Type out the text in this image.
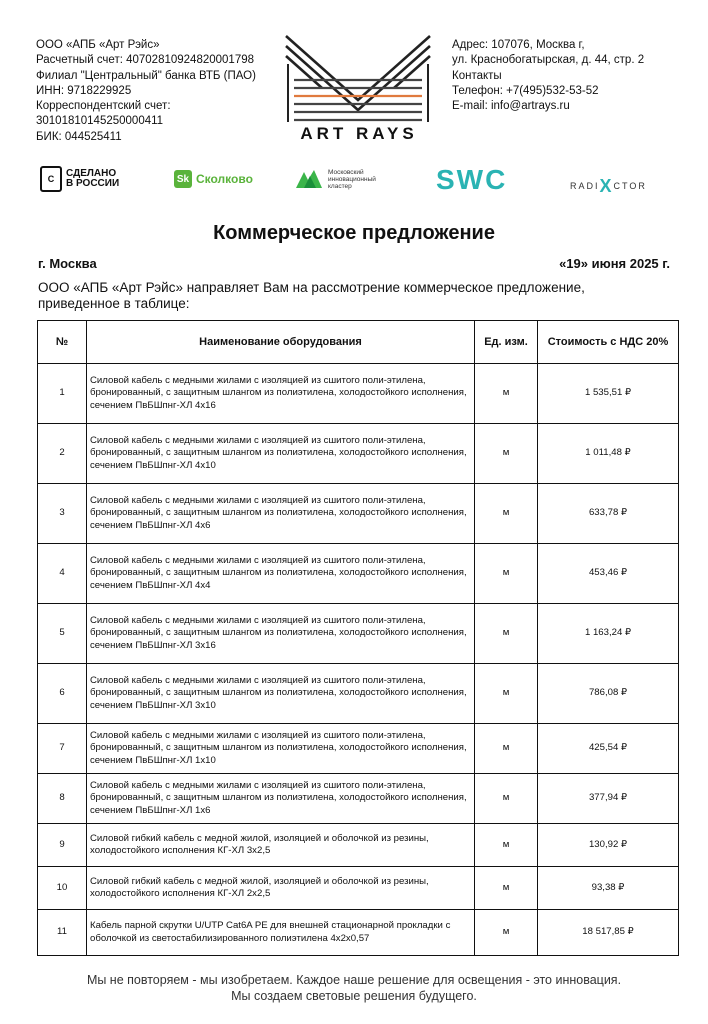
ООО «АПБ «Арт Рэйс»
Расчетный счет: 40702810924820001798
Филиал "Центральный" банка ВТБ (ПАО)
ИНН: 9718229925
Корреспондентский счет:
30101810145250000411
БИК: 044525411	ART RAYS
Адрес: 107076, Москва г,
ул. Краснобогатырская, д. 44, стр. 2
Контакты
Телефон: +7(495)532-53-52
E-mail: info@artrays.ru
С	СДЕЛАНО
В РОССИИ	Sk Сколково	Московский инновационный кластер	SWC	RADIXCTOR
Коммерческое предложение
г. Москва	«19» июня 2025 г.
ООО «АПБ «Арт Рэйс» направляет Вам на рассмотрение коммерческое предложение, приведенное в таблице:
№	Наименование оборудования	Ед. изм.	Стоимость с НДС 20%
1	Силовой кабель с медными жилами с изоляцией из сшитого поли-этилена, бронированный, с защитным шлангом из полиэтилена, холодостойкого исполнения, сечением ПвБШпнг-ХЛ 4х16	м	1 535,51 ₽
2	Силовой кабель с медными жилами с изоляцией из сшитого поли-этилена, бронированный, с защитным шлангом из полиэтилена, холодостойкого исполнения, сечением ПвБШпнг-ХЛ 4х10	м	1 011,48 ₽
3	Силовой кабель с медными жилами с изоляцией из сшитого поли-этилена, бронированный, с защитным шлангом из полиэтилена, холодостойкого исполнения, сечением ПвБШпнг-ХЛ 4х6	м	633,78 ₽
4	Силовой кабель с медными жилами с изоляцией из сшитого поли-этилена, бронированный, с защитным шлангом из полиэтилена, холодостойкого исполнения, сечением ПвБШпнг-ХЛ 4х4	м	453,46 ₽
5	Силовой кабель с медными жилами с изоляцией из сшитого поли-этилена, бронированный, с защитным шлангом из полиэтилена, холодостойкого исполнения, сечением ПвБШпнг-ХЛ 3х16	м	1 163,24 ₽
6	Силовой кабель с медными жилами с изоляцией из сшитого поли-этилена, бронированный, с защитным шлангом из полиэтилена, холодостойкого исполнения, сечением ПвБШпнг-ХЛ 3х10	м	786,08 ₽
7	Силовой кабель с медными жилами с изоляцией из сшитого поли-этилена, бронированный, с защитным шлангом из полиэтилена, холодостойкого исполнения, сечением ПвБШпнг-ХЛ 1х10	м	425,54 ₽
8	Силовой кабель с медными жилами с изоляцией из сшитого поли-этилена, бронированный, с защитным шлангом из полиэтилена, холодостойкого исполнения, сечением ПвБШпнг-ХЛ 1х6	м	377,94 ₽
9	Силовой гибкий кабель с медной жилой, изоляцией и оболочкой из резины, холодостойкого исполнения КГ-ХЛ 3х2,5	м	130,92 ₽
10	Силовой гибкий кабель с медной жилой, изоляцией и оболочкой из резины, холодостойкого исполнения КГ-ХЛ 2х2,5	м	93,38 ₽
11	Кабель парной скрутки U/UTP Cat6A PE для внешней стационарной прокладки с оболочкой из светостабилизированного полиэтилена 4х2х0,57	м	18 517,85 ₽
Мы не повторяем - мы изобретаем. Каждое наше решение для освещения - это инновация.
Мы создаем световые решения будущего.
